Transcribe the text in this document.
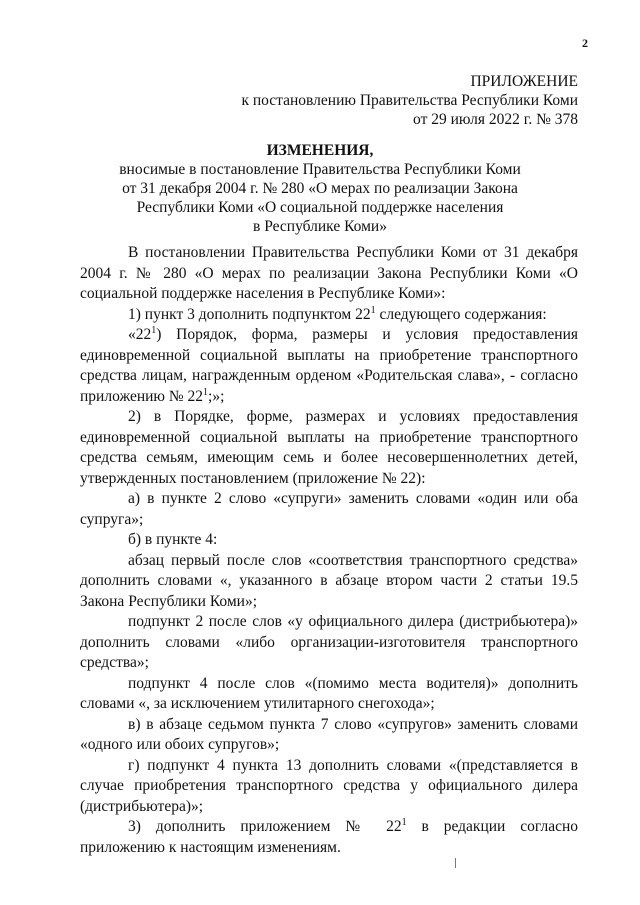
2
ПРИЛОЖЕНИЕ
к постановлению Правительства Республики Коми
от 29 июля 2022 г. № 378
ИЗМЕНЕНИЯ,
вносимые в постановление Правительства Республики Коми
от 31 декабря 2004 г. № 280 «О мерах по реализации Закона
Республики Коми «О социальной поддержке населения
в Республике Коми»

В постановлении Правительства Республики Коми от 31 декабря 2004 г. № 280 «О мерах по реализации Закона Республики Коми «О социальной поддержке населения в Республике Коми»:

1) пункт 3 дополнить подпунктом $22^1$ следующего содержания:

«$22^1$) Порядок, форма, размеры и условия предоставления единовременной социальной выплаты на приобретение транспортного средства лицам, награжденным орденом «Родительская слава», - согласно приложению № $22^1$;»;

2) в Порядке, форме, размерах и условиях предоставления единовременной социальной выплаты на приобретение транспортного средства семьям, имеющим семь и более несовершеннолетних детей, утвержденных постановлением (приложение № 22):

а) в пункте 2 слово «супруги» заменить словами «один или оба супруга»;

б) в пункте 4:

абзац первый после слов «соответствия транспортного средства» дополнить словами «, указанного в абзаце втором части 2 статьи 19.5 Закона Республики Коми»;

подпункт 2 после слов «у официального дилера (дистрибьютера)» дополнить словами «либо организации-изготовителя транспортного средства»;

подпункт 4 после слов «(помимо места водителя)» дополнить словами «, за исключением утилитарного снегохода»;

в) в абзаце седьмом пункта 7 слово «супругов» заменить словами «одного или обоих супругов»;

г) подпункт 4 пункта 13 дополнить словами «(представляется в случае приобретения транспортного средства у официального дилера (дистрибьютера)»;

3) дополнить приложением № $22^1$ в редакции согласно приложению к настоящим изменениям.
